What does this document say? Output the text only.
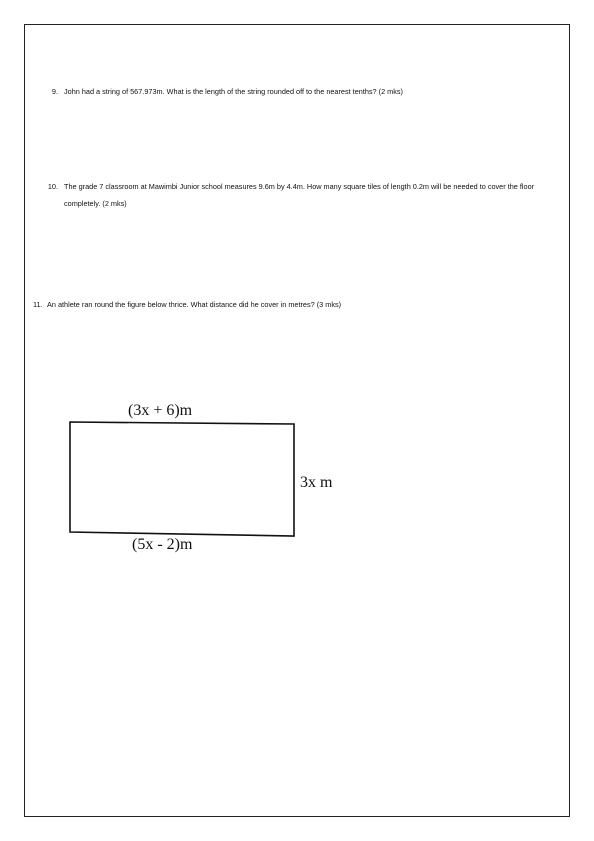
9. John had a string of 567.973m. What is the length of the string rounded off to the nearest tenths? (2 mks)
10. The grade 7 classroom at Mawimbi Junior school measures 9.6m by 4.4m. How many square tiles of length 0.2m will be needed to cover the floor completely. (2 mks)
11. An athlete ran round the figure below thrice. What distance did he cover in metres? (3 mks)
(3x + 6)m
3x m
(5x - 2)m
